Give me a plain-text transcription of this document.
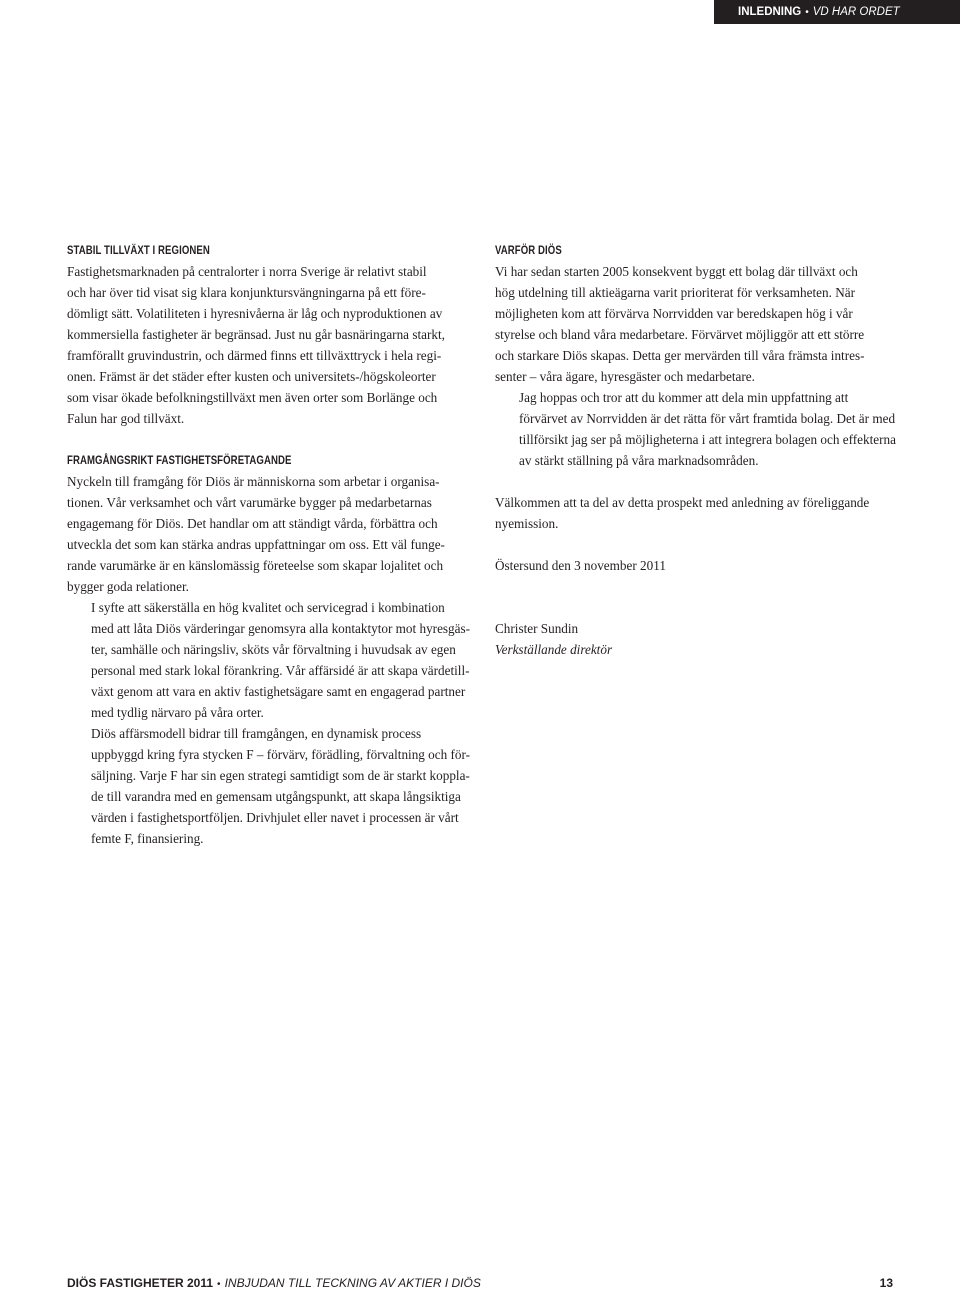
INLEDNING • VD HAR ORDET
STABIL TILLVÄXT I REGIONEN

Fastighetsmarknaden på centralorter i norra Sverige är relativt stabil
och har över tid visat sig klara konjunktursvängningarna på ett före-
dömligt sätt. Volatiliteten i hyresnivåerna är låg och nyproduktionen av
kommersiella fastigheter är begränsad. Just nu går basnäringarna starkt,
framförallt gruvindustrin, och därmed finns ett tillväxttryck i hela regi-
onen. Främst är det städer efter kusten och universitets-/högskoleorter
som visar ökade befolkningstillväxt men även orter som Borlänge och
Falun har god tillväxt.

FRAMGÅNGSRIKT FASTIGHETSFÖRETAGANDE

Nyckeln till framgång för Diös är människorna som arbetar i organisa-
tionen. Vår verksamhet och vårt varumärke bygger på medarbetarnas
engagemang för Diös. Det handlar om att ständigt vårda, förbättra och
utveckla det som kan stärka andras uppfattningar om oss. Ett väl funge-
rande varumärke är en känslomässig företeelse som skapar lojalitet och
bygger goda relationer.

I syfte att säkerställa en hög kvalitet och servicegrad i kombination
med att låta Diös värderingar genomsyra alla kontaktytor mot hyresgäs-
ter, samhälle och näringsliv, sköts vår förvaltning i huvudsak av egen
personal med stark lokal förankring. Vår affärsidé är att skapa värdetill-
växt genom att vara en aktiv fastighetsägare samt en engagerad partner
med tydlig närvaro på våra orter.

Diös affärsmodell bidrar till framgången, en dynamisk process
uppbyggd kring fyra stycken F – förvärv, förädling, förvaltning och för-
säljning. Varje F har sin egen strategi samtidigt som de är starkt koppla-
de till varandra med en gemensam utgångspunkt, att skapa långsiktiga
värden i fastighetsportföljen. Drivhjulet eller navet i processen är vårt
femte F, finansiering.

VARFÖR DIÖS

Vi har sedan starten 2005 konsekvent byggt ett bolag där tillväxt och
hög utdelning till aktieägarna varit prioriterat för verksamheten. När
möjligheten kom att förvärva Norrvidden var beredskapen hög i vår
styrelse och bland våra medarbetare. Förvärvet möjliggör att ett större
och starkare Diös skapas. Detta ger mervärden till våra främsta intres-
senter – våra ägare, hyresgäster och medarbetare.

Jag hoppas och tror att du kommer att dela min uppfattning att
förvärvet av Norrvidden är det rätta för vårt framtida bolag. Det är med
tillförsikt jag ser på möjligheterna i att integrera bolagen och effekterna
av stärkt ställning på våra marknadsområden.

Välkommen att ta del av detta prospekt med anledning av föreliggande
nyemission.

Östersund den 3 november 2011

Christer Sundin

Verkställande direktör

DIÖS FASTIGHETER 2011 • INBJUDAN TILL TECKNING AV AKTIER I DIÖS	13
